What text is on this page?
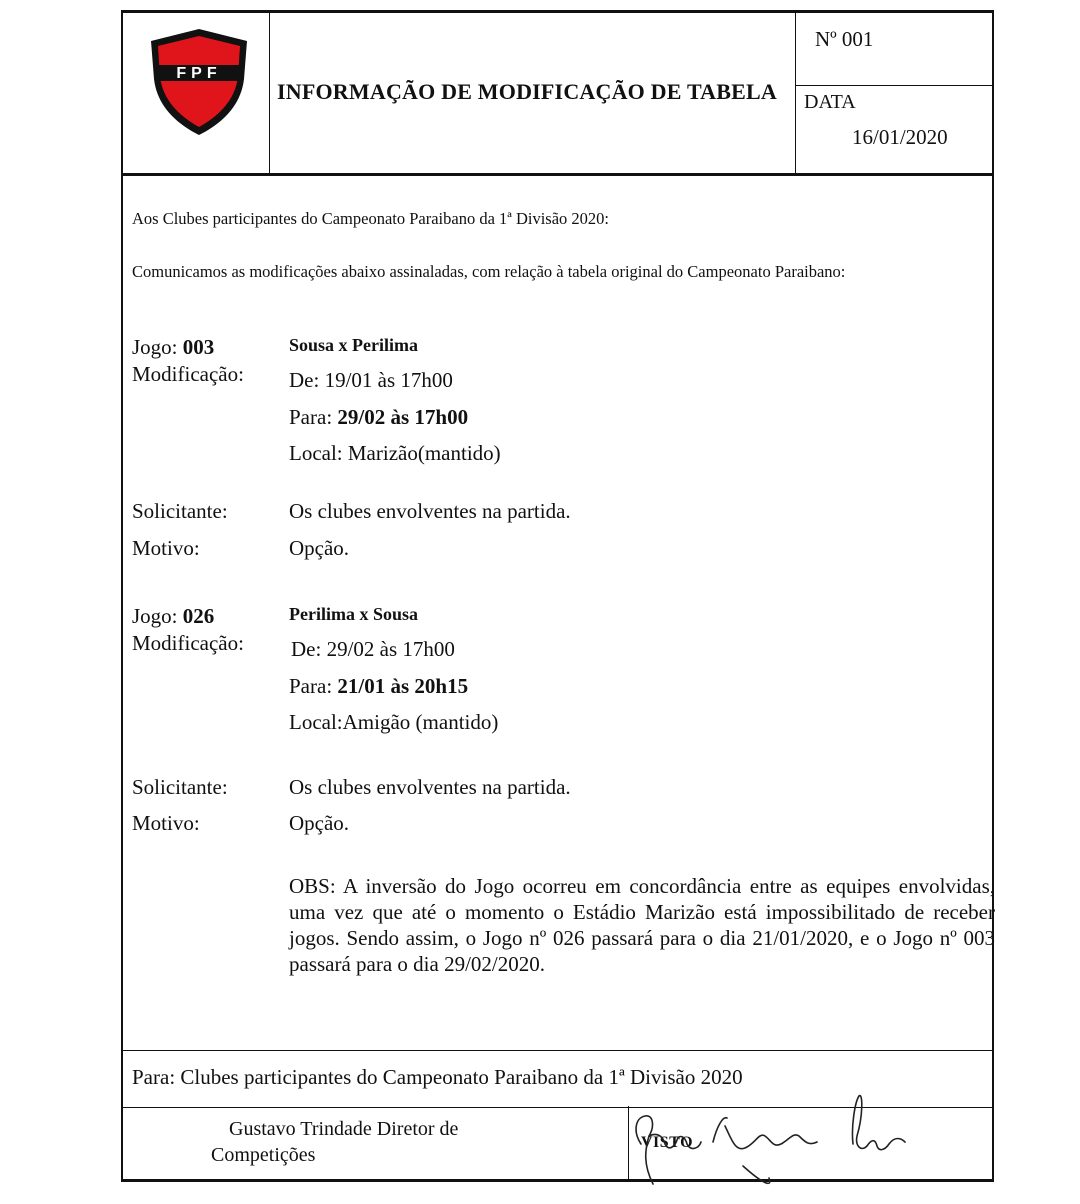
FPF
INFORMAÇÃO DE MODIFICAÇÃO DE TABELA
Nº 001
DATA
16/01/2020
Aos Clubes participantes do Campeonato Paraibano da 1ª Divisão 2020:
Comunicamos as modificações abaixo assinaladas, com relação à tabela original do Campeonato Paraibano:
Jogo: 003
Modificação:
Sousa x Perilima
De: 19/01 às 17h00
Para: 29/02 às 17h00
Local: Marizão(mantido)
Solicitante:	Os clubes envolventes na partida.
Motivo:	Opção.
Jogo: 026
Modificação:
Perilima x Sousa
De: 29/02 às 17h00
Para: 21/01 às 20h15
Local:Amigão (mantido)
Solicitante:	Os clubes envolventes na partida.
Motivo:	Opção.
OBS: A inversão do Jogo ocorreu em concordância entre as equipes envolvidas, uma vez que até o momento o Estádio Marizão está impossibilitado de receber jogos. Sendo assim, o Jogo nº 026 passará para o dia 21/01/2020, e o Jogo nº 003 passará para o dia 29/02/2020.
Para: Clubes participantes do Campeonato Paraibano da 1ª Divisão 2020
Gustavo Trindade Diretor de
Competições
VISTO
